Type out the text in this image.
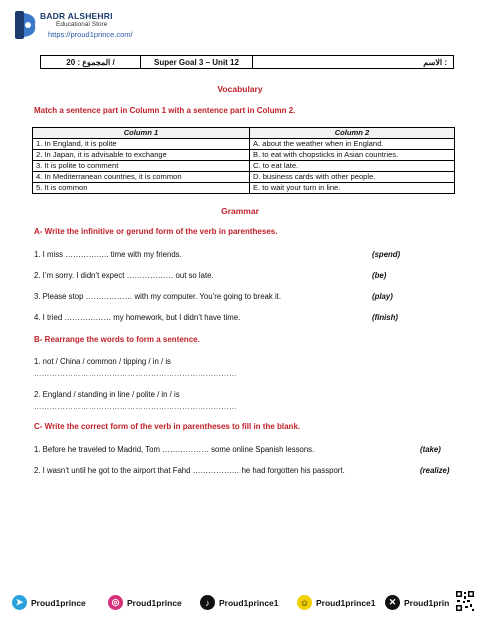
BADR ALSHEHRI
Educational Store
https://proud1prince.com/
المجموع : 20 /	Super Goal 3 – Unit 12	الاسم :
Vocabulary
Match a sentence part in Column 1 with a sentence part in Column 2.
Column 1	Column 2
1. In England, it is polite	A. about the weather when in England.
2. In Japan, it is advisable to exchange	B. to eat with chopsticks in Asian countries.
3. It is polite to comment	C. to eat late.
4. In Mediterranean countries, it is common	D. business cards with other people.
5. It is common	E. to wait your turn in line.
Grammar
A- Write the infinitive or gerund form of the verb in parentheses.
1. I miss …………….. time with my friends.	(spend)
2. I’m sorry. I didn’t expect ……………… out so late.	(be)
3. Please stop ……………… with my computer. You’re going to break it.	(play)
4. I tried ……………… my homework, but I didn’t have time.	(finish)
B- Rearrange the words to form a sentence.
1. not / China / common / tipping / in / is
……………………………………………………………………
2. England / standing in line / polite / in / is
……………………………………………………………………
C- Write the correct form of the verb in parentheses to fill in the blank.
1. Before he traveled to Madrid, Tom ……………… some online Spanish lessons.	(take)
2. I wasn’t until he got to the airport that Fahd ……………… he had forgotten his passport.	(realize)
➤ Proud1prince	◎ Proud1prince	♪	Proud1prince1	☺ Proud1prince1	✕ Proud1prin
